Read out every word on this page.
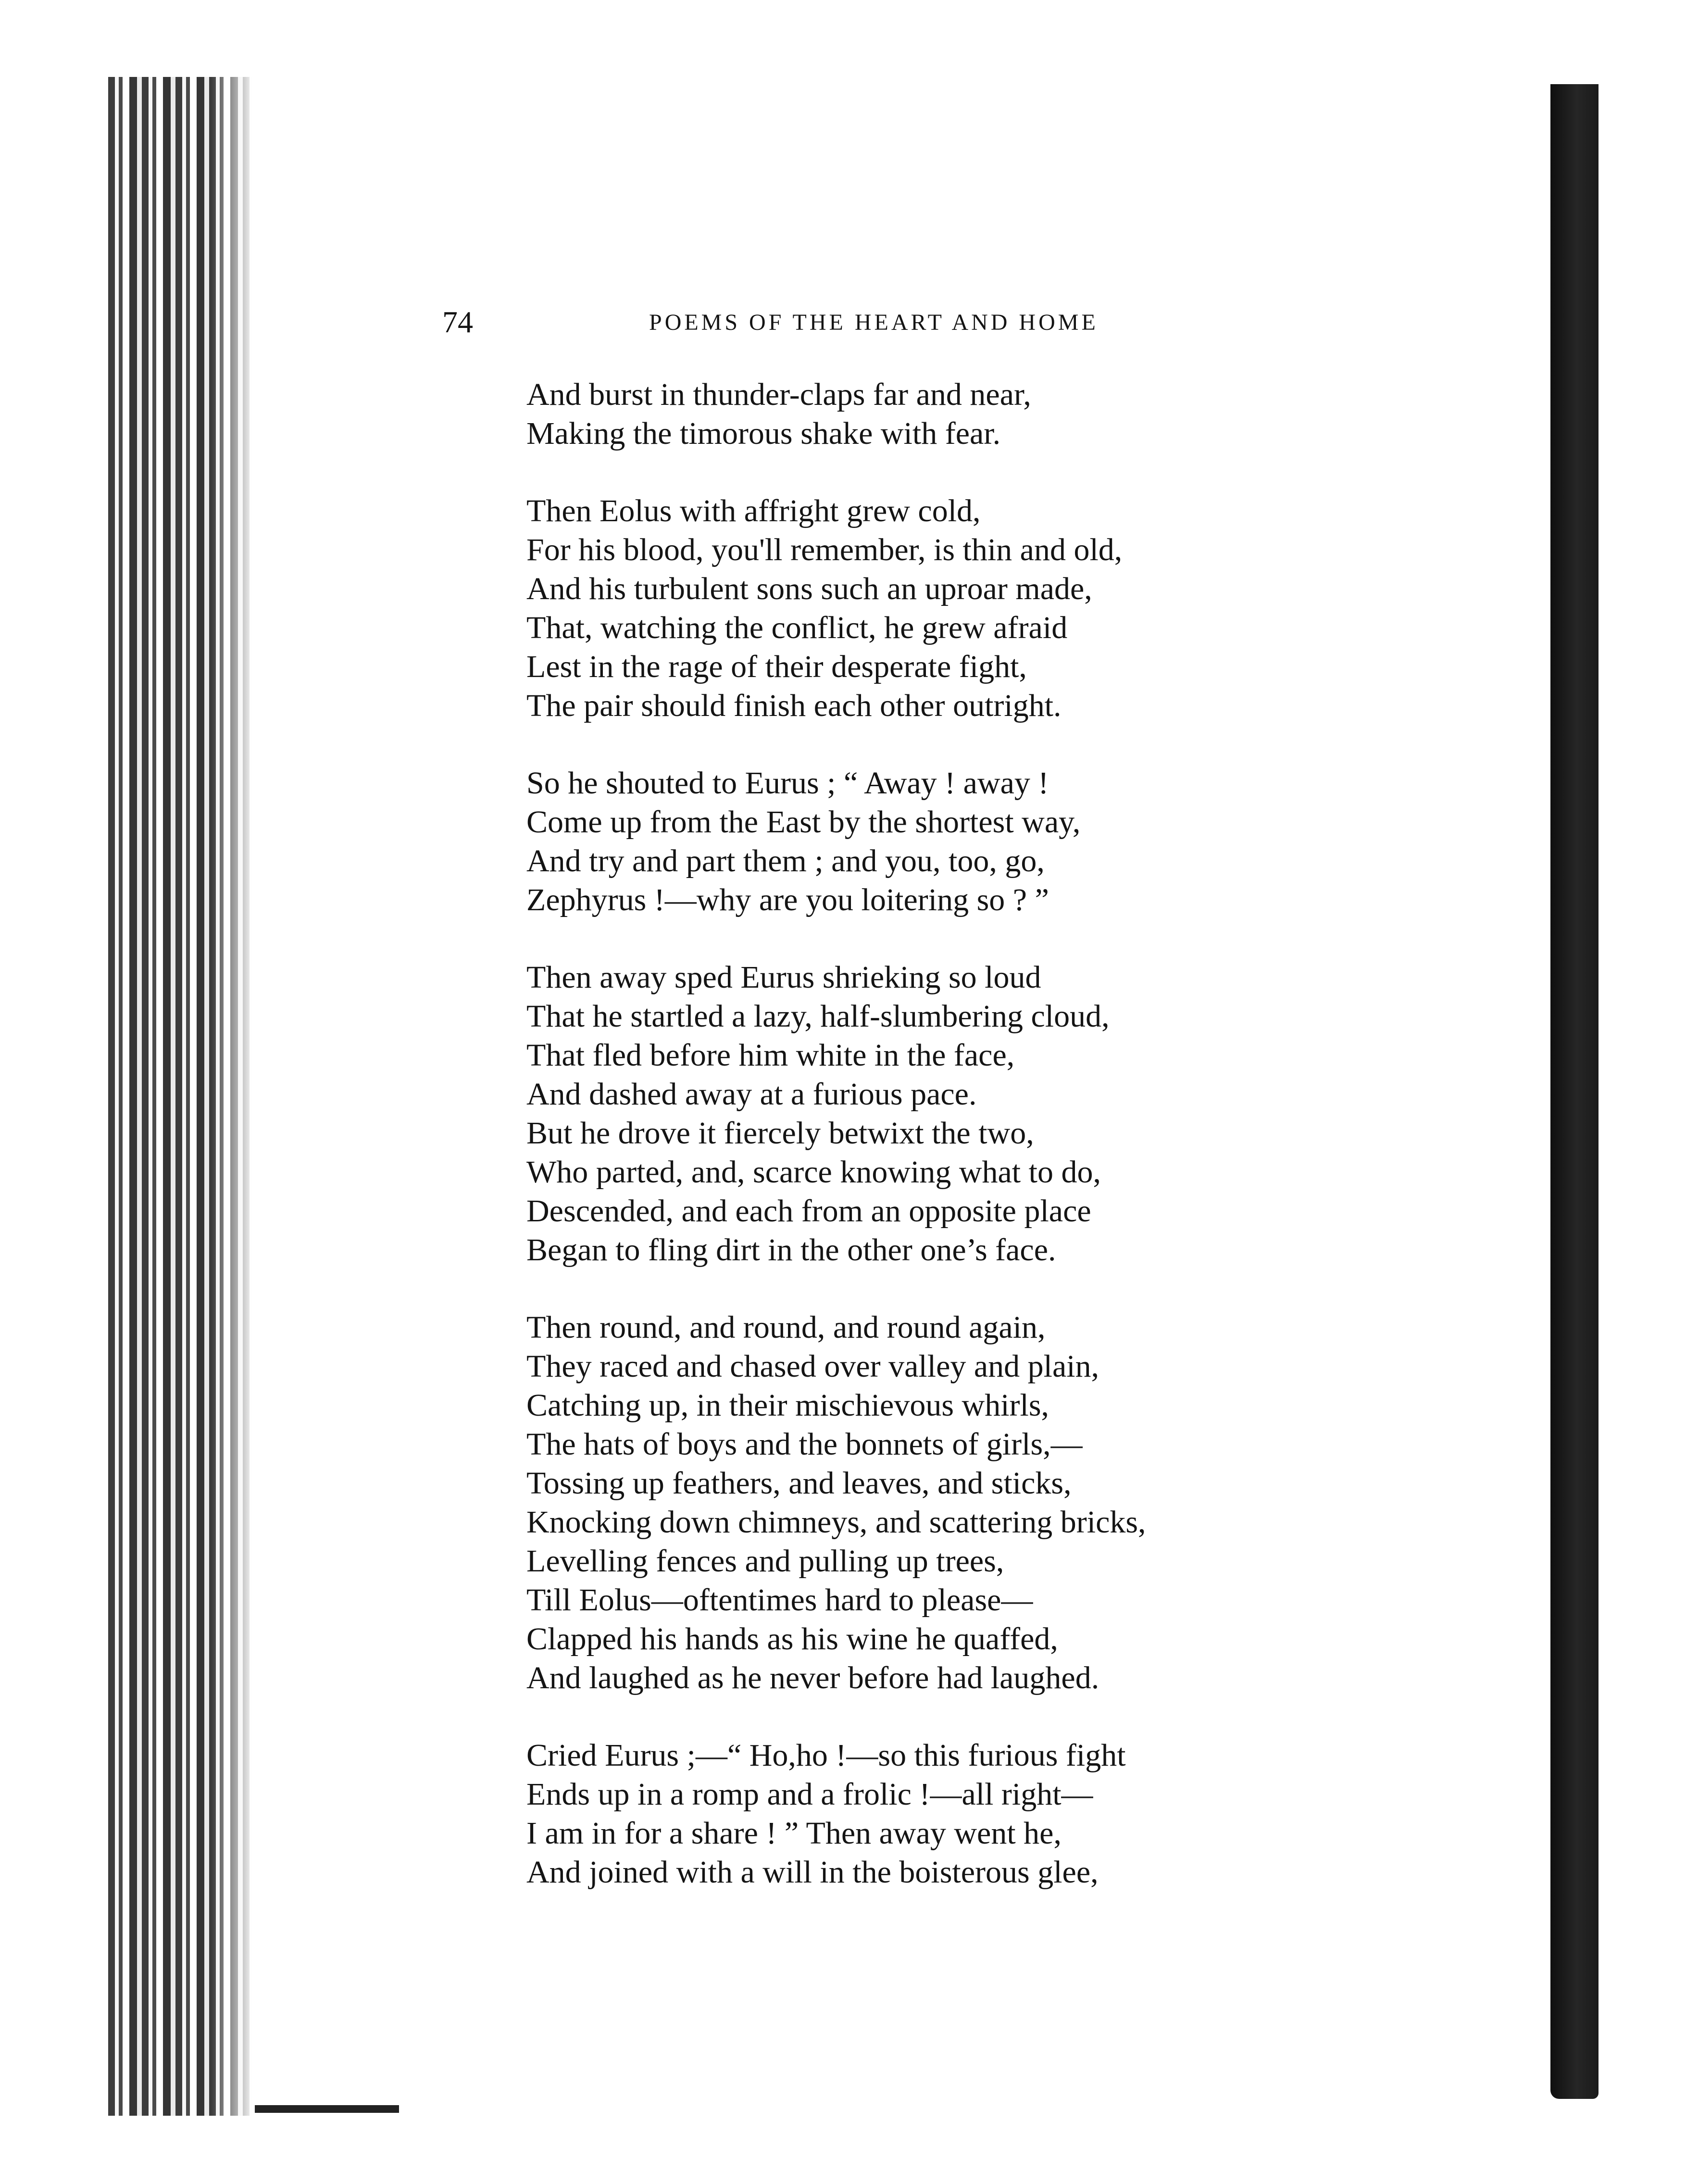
74	POEMS OF THE HEART AND HOME
And burst in thunder-claps far and near,
Making the timorous shake with fear.
Then Eolus with affright grew cold,
For his blood, you'll remember, is thin and old,
And his turbulent sons such an uproar made,
That, watching the conflict, he grew afraid
Lest in the rage of their desperate fight,
The pair should finish each other outright.
So he shouted to Eurus ; “ Away ! away !
Come up from the East by the shortest way,
And try and part them ; and you, too, go,
Zephyrus !—why are you loitering so ? ”
Then away sped Eurus shrieking so loud
That he startled a lazy, half-slumbering cloud,
That fled before him white in the face,
And dashed away at a furious pace.
But he drove it fiercely betwixt the two,
Who parted, and, scarce knowing what to do,
Descended, and each from an opposite place
Began to fling dirt in the other one’s face.
Then round, and round, and round again,
They raced and chased over valley and plain,
Catching up, in their mischievous whirls,
The hats of boys and the bonnets of girls,—
Tossing up feathers, and leaves, and sticks,
Knocking down chimneys, and scattering bricks,
Levelling fences and pulling up trees,
Till Eolus—oftentimes hard to please—
Clapped his hands as his wine he quaffed,
And laughed as he never before had laughed.
Cried Eurus ;—“ Ho,ho !—so this furious fight
Ends up in a romp and a frolic !—all right—
I am in for a share ! ” Then away went he,
And joined with a will in the boisterous glee,
